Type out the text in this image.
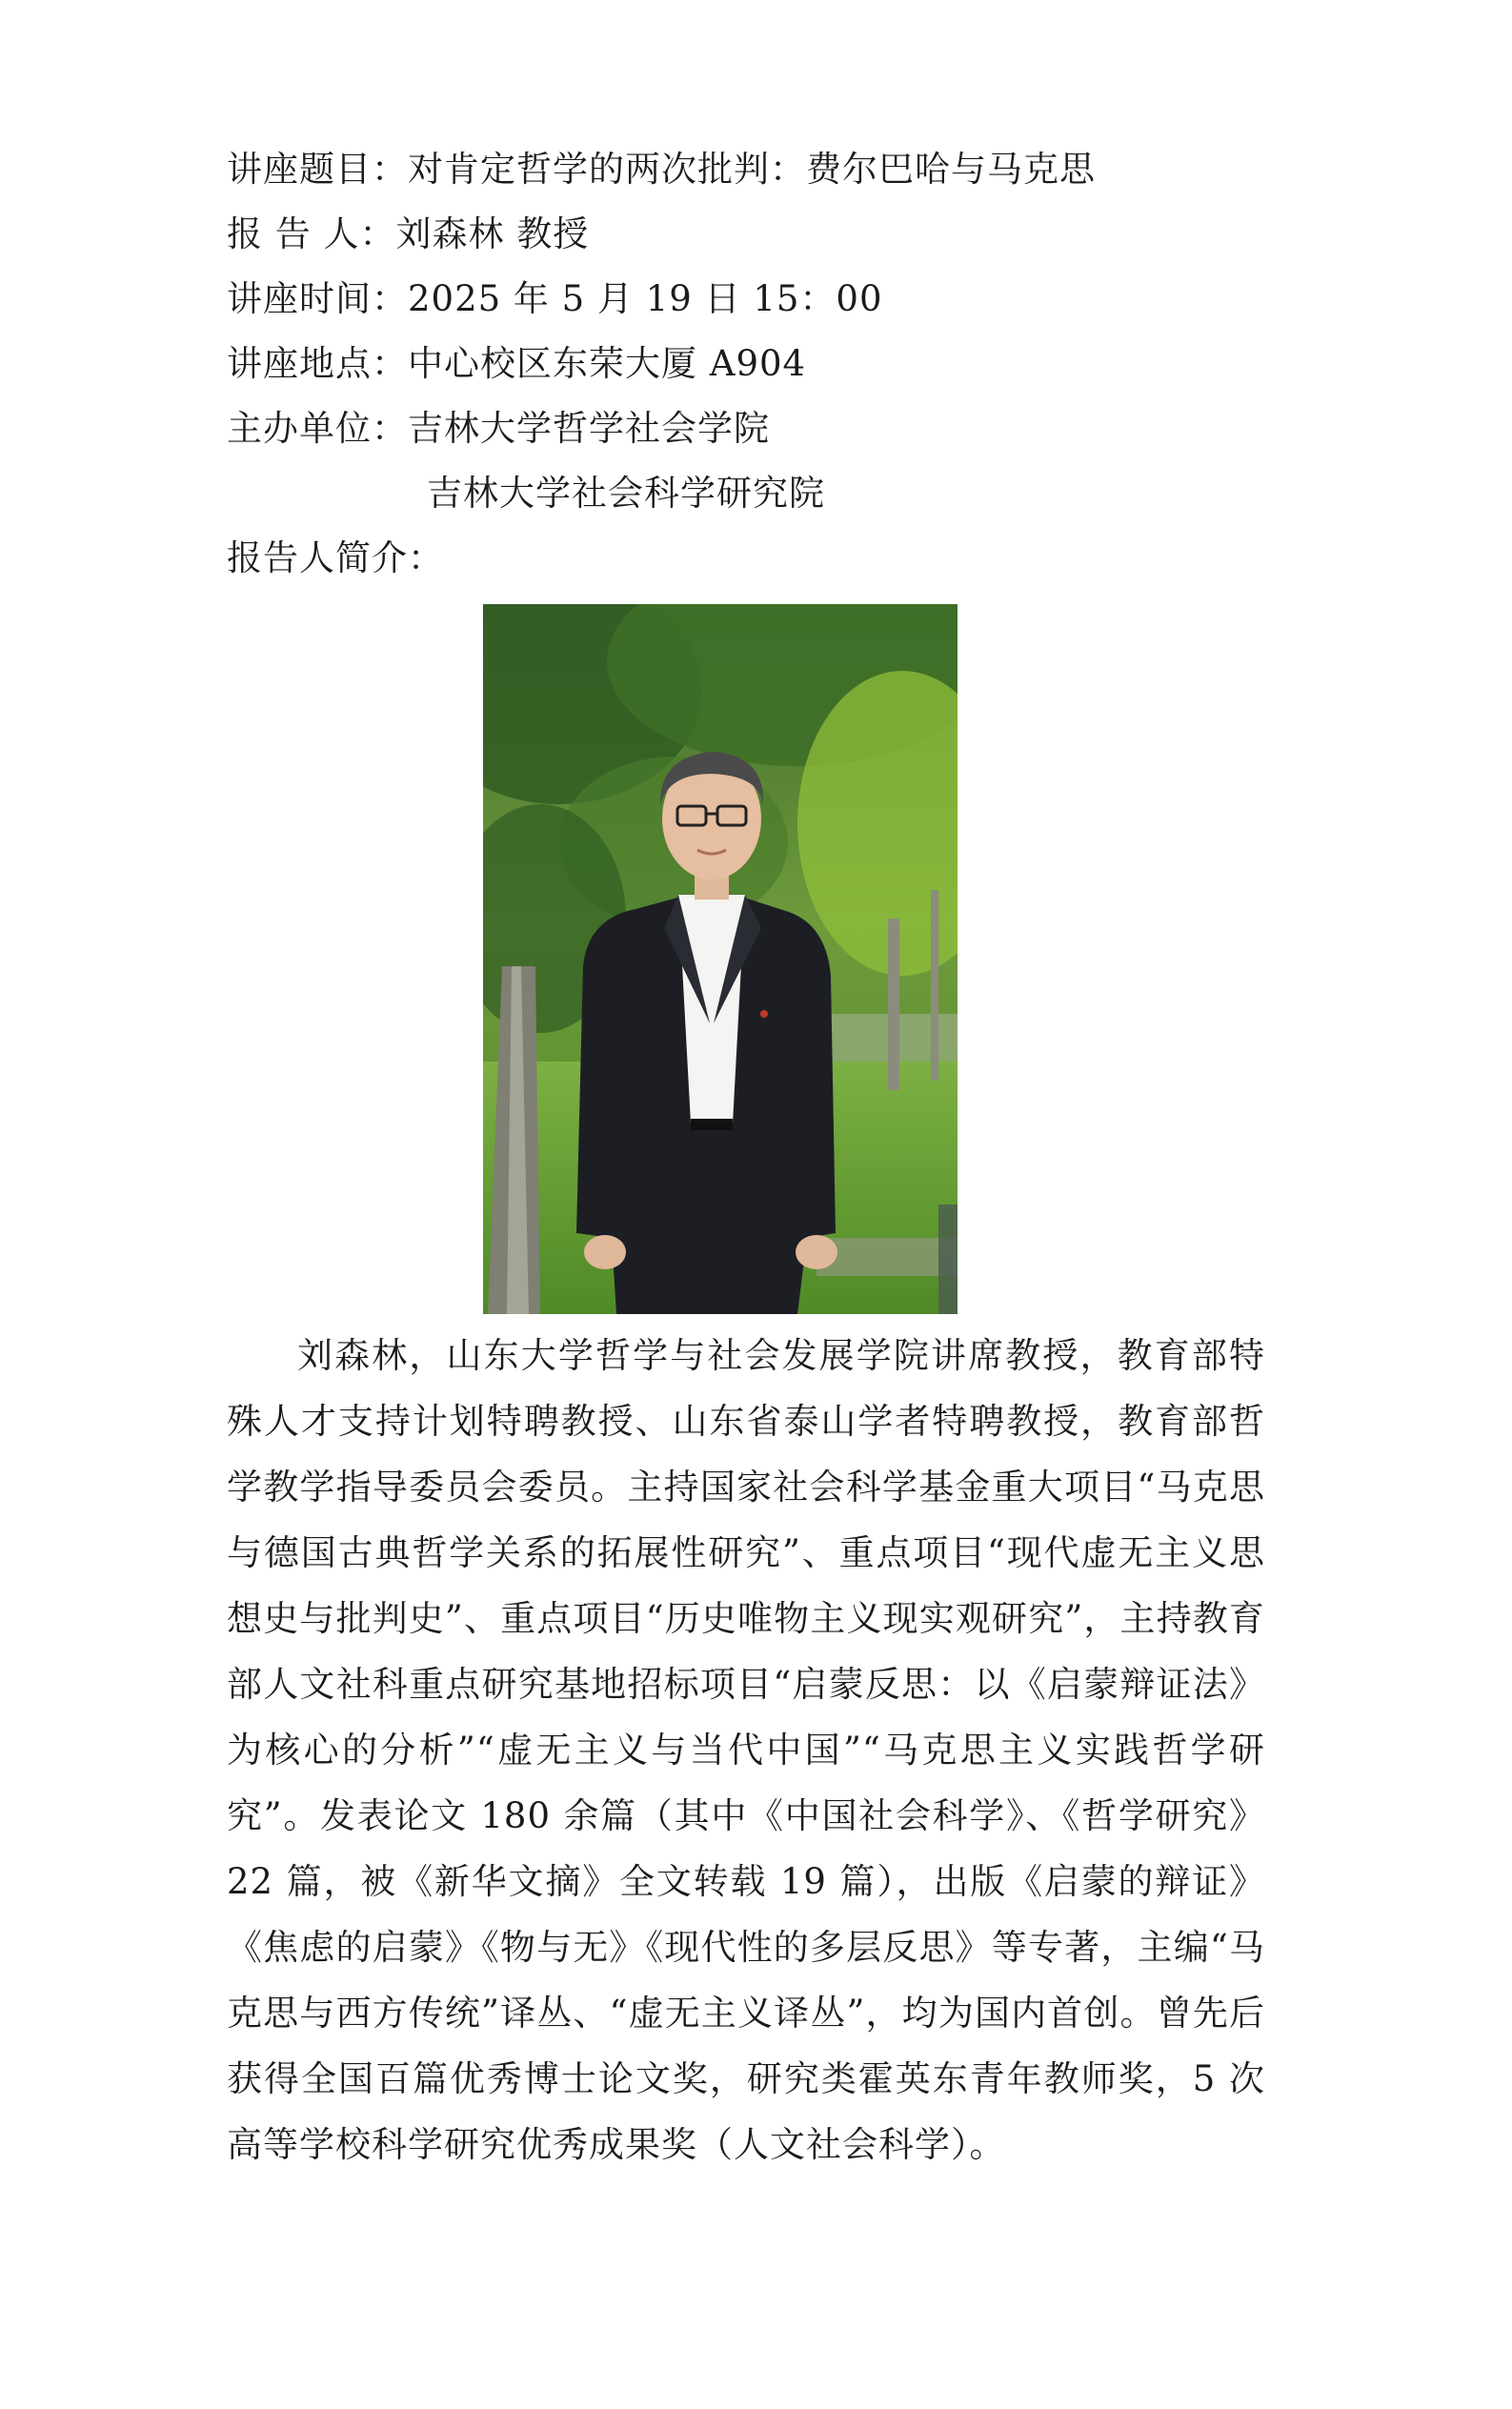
讲座题目：对肯定哲学的两次批判：费尔巴哈与马克思
报 告 人：刘森林 教授
讲座时间：2025 年 5 月 19 日 15：00
讲座地点：中心校区东荣大厦 A904
主办单位：吉林大学哲学社会学院
吉林大学社会科学研究院
报告人简介：
刘森林，山东大学哲学与社会发展学院讲席教授，教育部特殊人才支持计划特聘教授、山东省泰山学者特聘教授，教育部哲学教学指导委员会委员。主持国家社会科学基金重大项目“马克思与德国古典哲学关系的拓展性研究”、重点项目“现代虚无主义思想史与批判史”、重点项目“历史唯物主义现实观研究”，主持教育部人文社科重点研究基地招标项目“启蒙反思：以《启蒙辩证法》为核心的分析”“虚无主义与当代中国”“马克思主义实践哲学研究”。发表论文 180 余篇（其中《中国社会科学》、《哲学研究》22 篇，被《新华文摘》全文转载 19 篇），出版《启蒙的辩证》《焦虑的启蒙》《物与无》《现代性的多层反思》等专著，主编“马克思与西方传统”译丛、“虚无主义译丛”，均为国内首创。曾先后获得全国百篇优秀博士论文奖，研究类霍英东青年教师奖，5 次高等学校科学研究优秀成果奖（人文社会科学）。
